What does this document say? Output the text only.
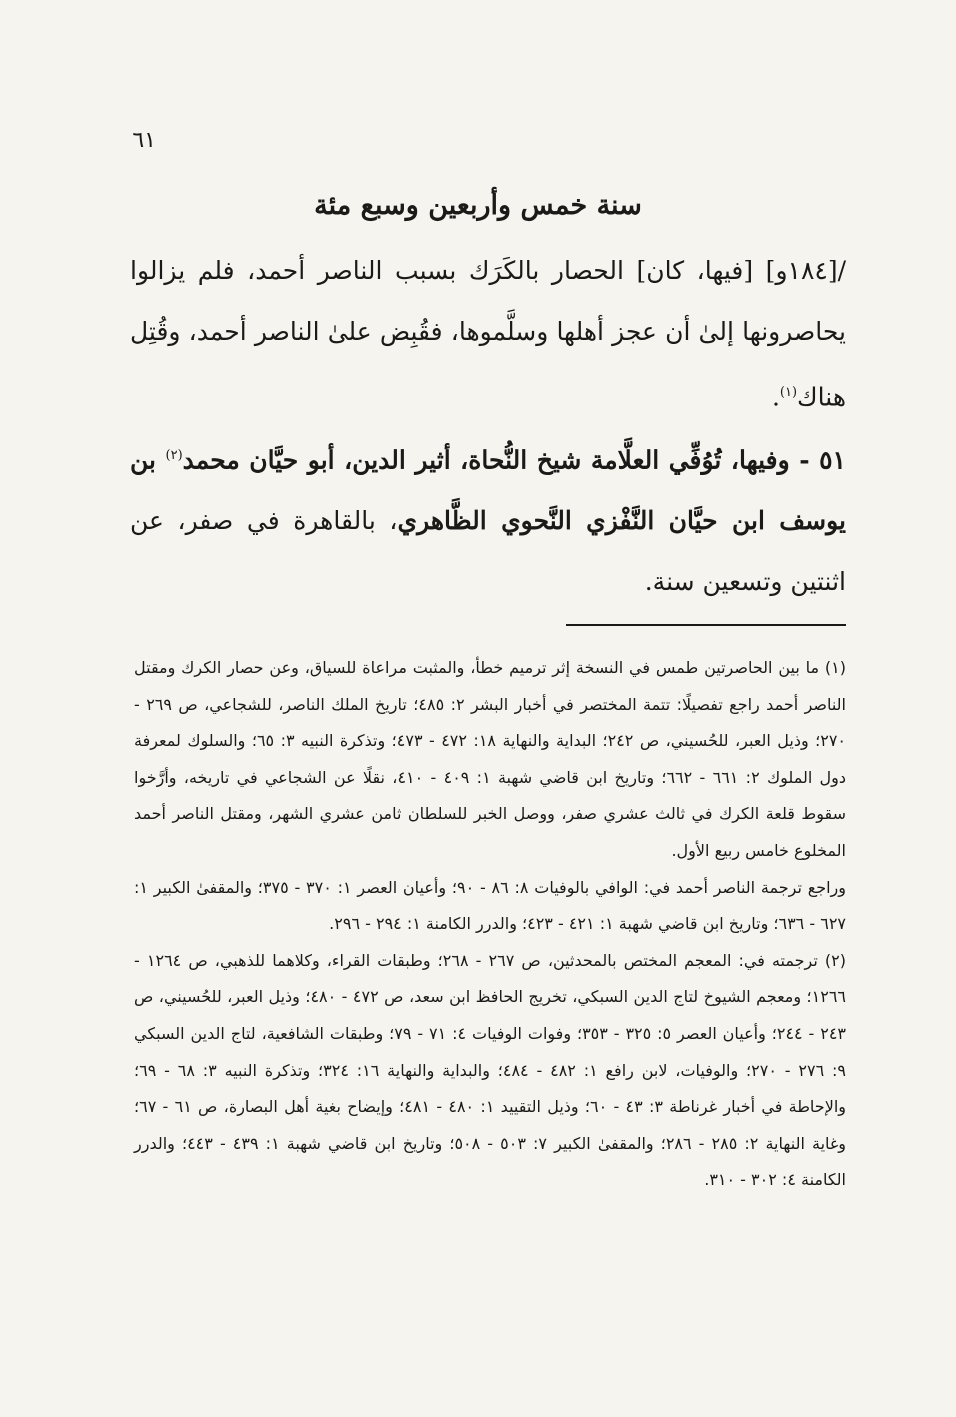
٦١
سنة خمس وأربعين وسبع مئة
/[١٨٤و] [فيها، كان] الحصار بالكَرَك بسبب الناصر أحمد، فلم يزالوا يحاصرونها إلىٰ أن عجز أهلها وسلَّموها، فقُبِض علىٰ الناصر أحمد، وقُتِل هناك$^{(١)}$.
٥١ - وفيها، تُوُفِّي العلَّامة شيخ النُّحاة، أثير الدين، أبو حيَّان محمد$^{(٢)}$ بن يوسف ابن حيَّان النَّفْزي النَّحوي الظَّاهري، بالقاهرة في صفر، عن اثنتين وتسعين سنة.

(١) ما بين الحاصرتين طمس في النسخة إثر ترميم خطأ، والمثبت مراعاة للسياق، وعن حصار الكرك ومقتل الناصر أحمد راجع تفصيلًا: تتمة المختصر في أخبار البشر ٢: ٤٨٥؛ تاريخ الملك الناصر، للشجاعي، ص ٢٦٩ - ٢٧٠؛ وذيل العبر، للحُسيني، ص ٢٤٢؛ البداية والنهاية ١٨: ٤٧٢ - ٤٧٣؛ وتذكرة النبيه ٣: ٦٥؛ والسلوك لمعرفة دول الملوك ٢: ٦٦١ - ٦٦٢؛ وتاريخ ابن قاضي شهبة ١: ٤٠٩ - ٤١٠، نقلًا عن الشجاعي في تاريخه، وأرَّخوا سقوط قلعة الكرك في ثالث عشري صفر، ووصل الخبر للسلطان ثامن عشري الشهر، ومقتل الناصر أحمد المخلوع خامس ربيع الأول.

وراجع ترجمة الناصر أحمد في: الوافي بالوفيات ٨: ٨٦ - ٩٠؛ وأعيان العصر ١: ٣٧٠ - ٣٧٥؛ والمقفىٰ الكبير ١: ٦٢٧ - ٦٣٦؛ وتاريخ ابن قاضي شهبة ١: ٤٢١ - ٤٢٣؛ والدرر الكامنة ١: ٢٩٤ - ٢٩٦.

(٢) ترجمته في: المعجم المختص بالمحدثين، ص ٢٦٧ - ٢٦٨؛ وطبقات القراء، وكلاهما للذهبي، ص ١٢٦٤ - ١٢٦٦؛ ومعجم الشيوخ لتاج الدين السبكي، تخريج الحافظ ابن سعد، ص ٤٧٢ - ٤٨٠؛ وذيل العبر، للحُسيني، ص ٢٤٣ - ٢٤٤؛ وأعيان العصر ٥: ٣٢٥ - ٣٥٣؛ وفوات الوفيات ٤: ٧١ - ٧٩؛ وطبقات الشافعية، لتاج الدين السبكي ٩: ٢٧٦ - ٢٧٠؛ والوفيات، لابن رافع ١: ٤٨٢ - ٤٨٤؛ والبداية والنهاية ١٦: ٣٢٤؛ وتذكرة النبيه ٣: ٦٨ - ٦٩؛ والإحاطة في أخبار غرناطة ٣: ٤٣ - ٦٠؛ وذيل التقييد ١: ٤٨٠ - ٤٨١؛ وإيضاح بغية أهل البصارة، ص ٦١ - ٦٧؛ وغاية النهاية ٢: ٢٨٥ - ٢٨٦؛ والمقفىٰ الكبير ٧: ٥٠٣ - ٥٠٨؛ وتاريخ ابن قاضي شهبة ١: ٤٣٩ - ٤٤٣؛ والدرر الكامنة ٤: ٣٠٢ - ٣١٠.
